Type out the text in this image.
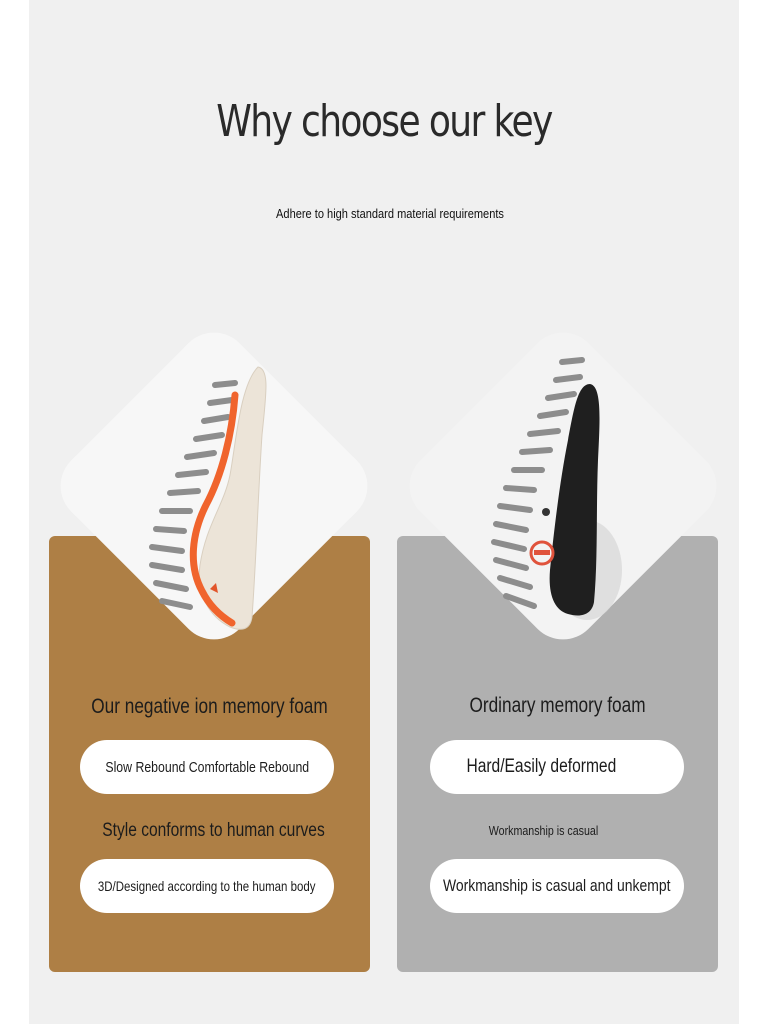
Why choose our key

Adhere to high standard material requirements

Our negative ion memory foam
Slow Rebound Comfortable Rebound

Style conforms to human curves

3D/Designed according to the human body
Ordinary memory foam
Hard/Easily deformed

Workmanship is casual

Workmanship is casual and unkempt
